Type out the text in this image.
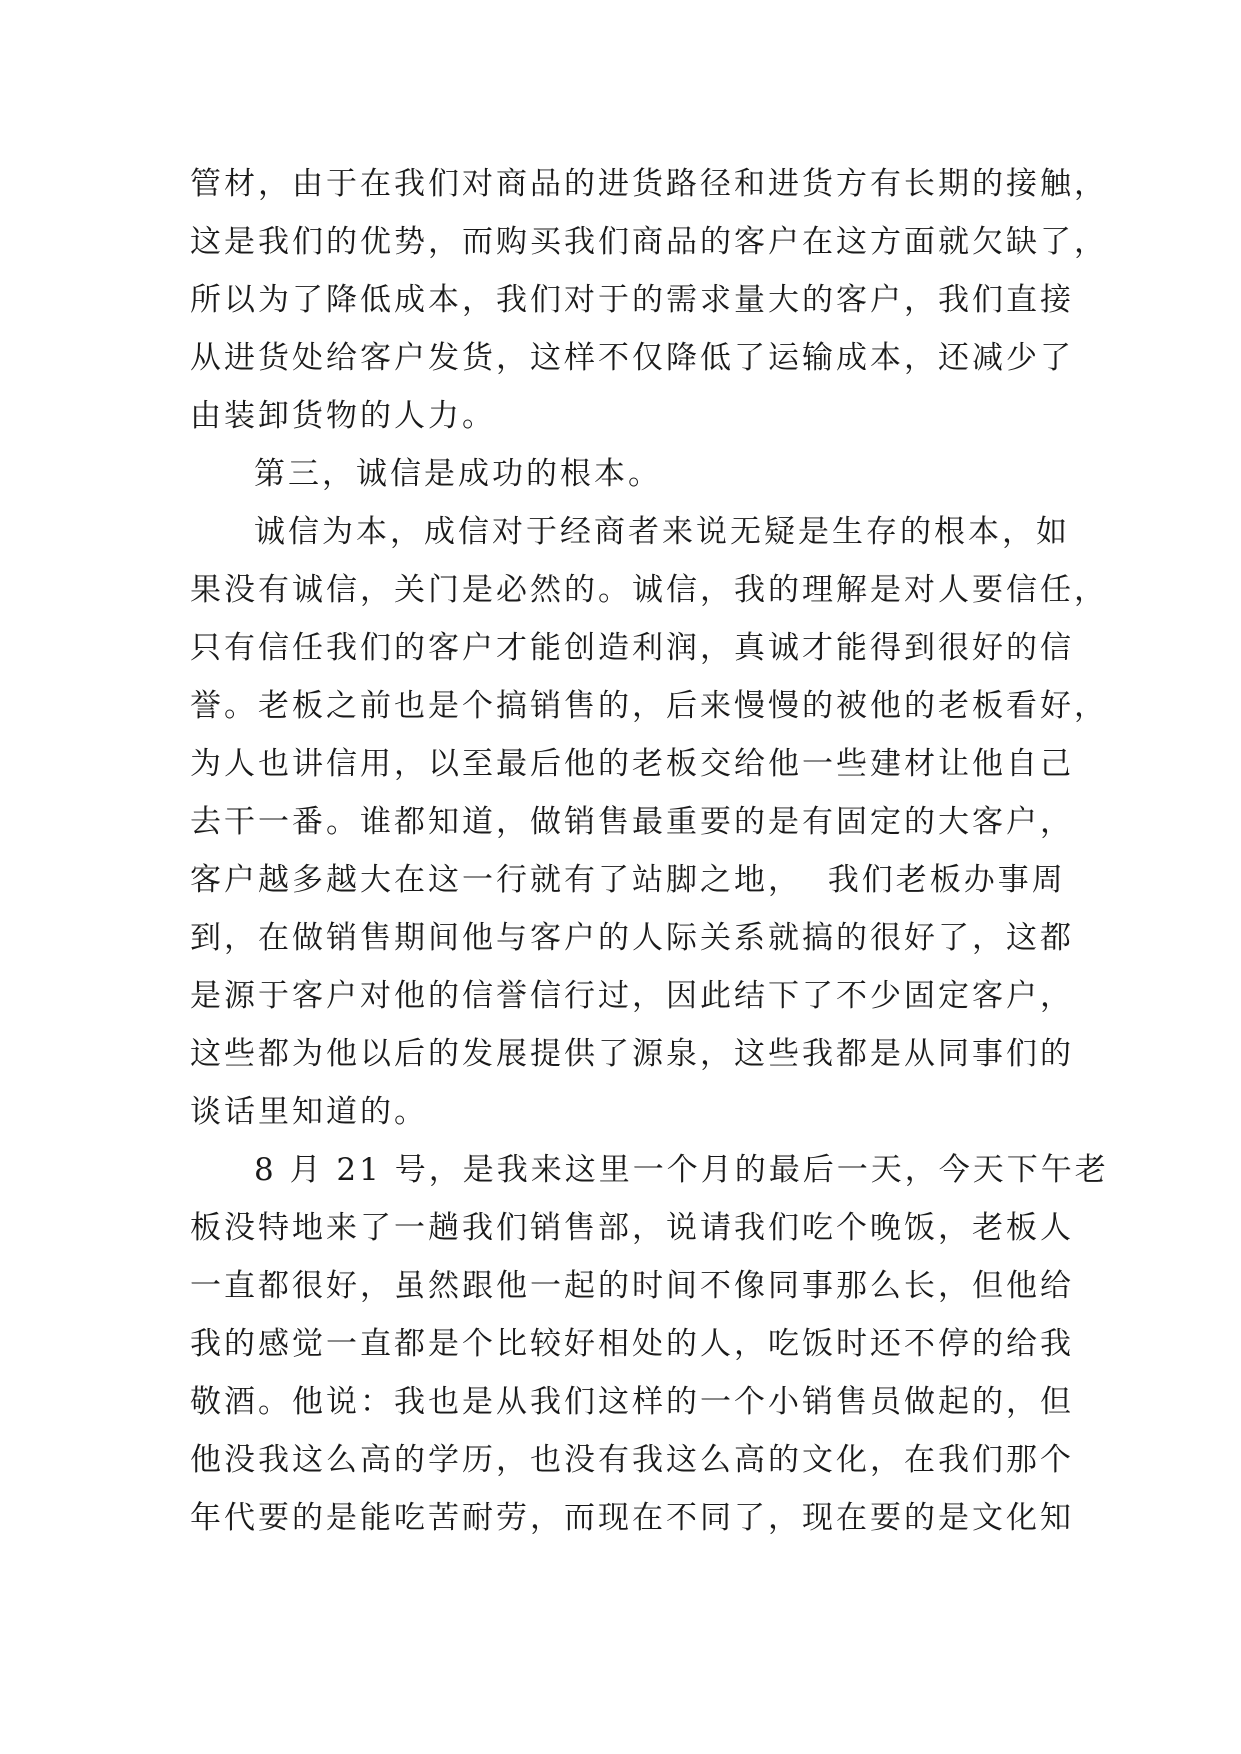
管材，由于在我们对商品的进货路径和进货方有长期的接触，
这是我们的优势，而购买我们商品的客户在这方面就欠缺了，
所以为了降低成本，我们对于的需求量大的客户，我们直接
从进货处给客户发货，这样不仅降低了运输成本，还减少了
由装卸货物的人力。
第三，诚信是成功的根本。
诚信为本，成信对于经商者来说无疑是生存的根本，如
果没有诚信，关门是必然的。诚信，我的理解是对人要信任，
只有信任我们的客户才能创造利润，真诚才能得到很好的信
誉。老板之前也是个搞销售的，后来慢慢的被他的老板看好，
为人也讲信用，以至最后他的老板交给他一些建材让他自己
去干一番。谁都知道，做销售最重要的是有固定的大客户，
客户越多越大在这一行就有了站脚之地，  我们老板办事周
到，在做销售期间他与客户的人际关系就搞的很好了，这都
是源于客户对他的信誉信行过，因此结下了不少固定客户，
这些都为他以后的发展提供了源泉，这些我都是从同事们的
谈话里知道的。
8 月 21 号，是我来这里一个月的最后一天，今天下午老
板没特地来了一趟我们销售部，说请我们吃个晚饭，老板人
一直都很好，虽然跟他一起的时间不像同事那么长，但他给
我的感觉一直都是个比较好相处的人，吃饭时还不停的给我
敬酒。他说：我也是从我们这样的一个小销售员做起的，但
他没我这么高的学历，也没有我这么高的文化，在我们那个
年代要的是能吃苦耐劳，而现在不同了，现在要的是文化知
